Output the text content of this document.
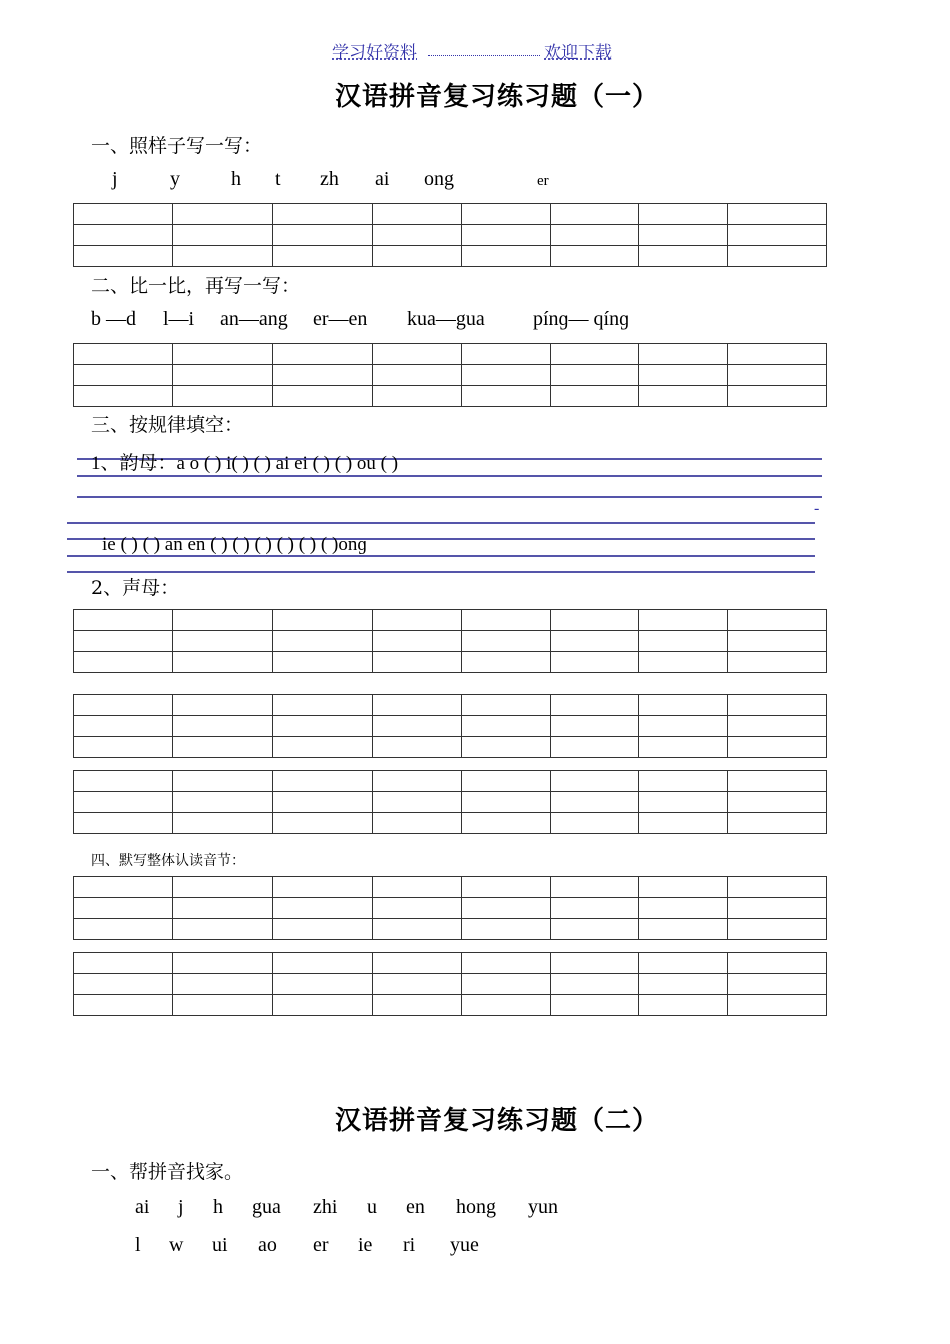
学习好资料	欢迎下载
汉语拼音复习练习题（一）
一、照样子写一写：
j	y	h t zh ai ong	er

二、比一比，再写一写：
b —d l—i an—ang er—en kua—gua pínɡ— qínɡ

三、按规律填空：
1、韵母：a o ( ) i( ) ( ) ai ei ( ) ( ) ou ( )
-
ie ( ) ( ) an en ( ) ( ) ( ) ( ) ( ) ( )onɡ
2、声母：

四、默写整体认读音节：

汉语拼音复习练习题（二）
一、帮拼音找家。
ai j h gua zhi u en hong yun
l w ui ao er ie ri yue
